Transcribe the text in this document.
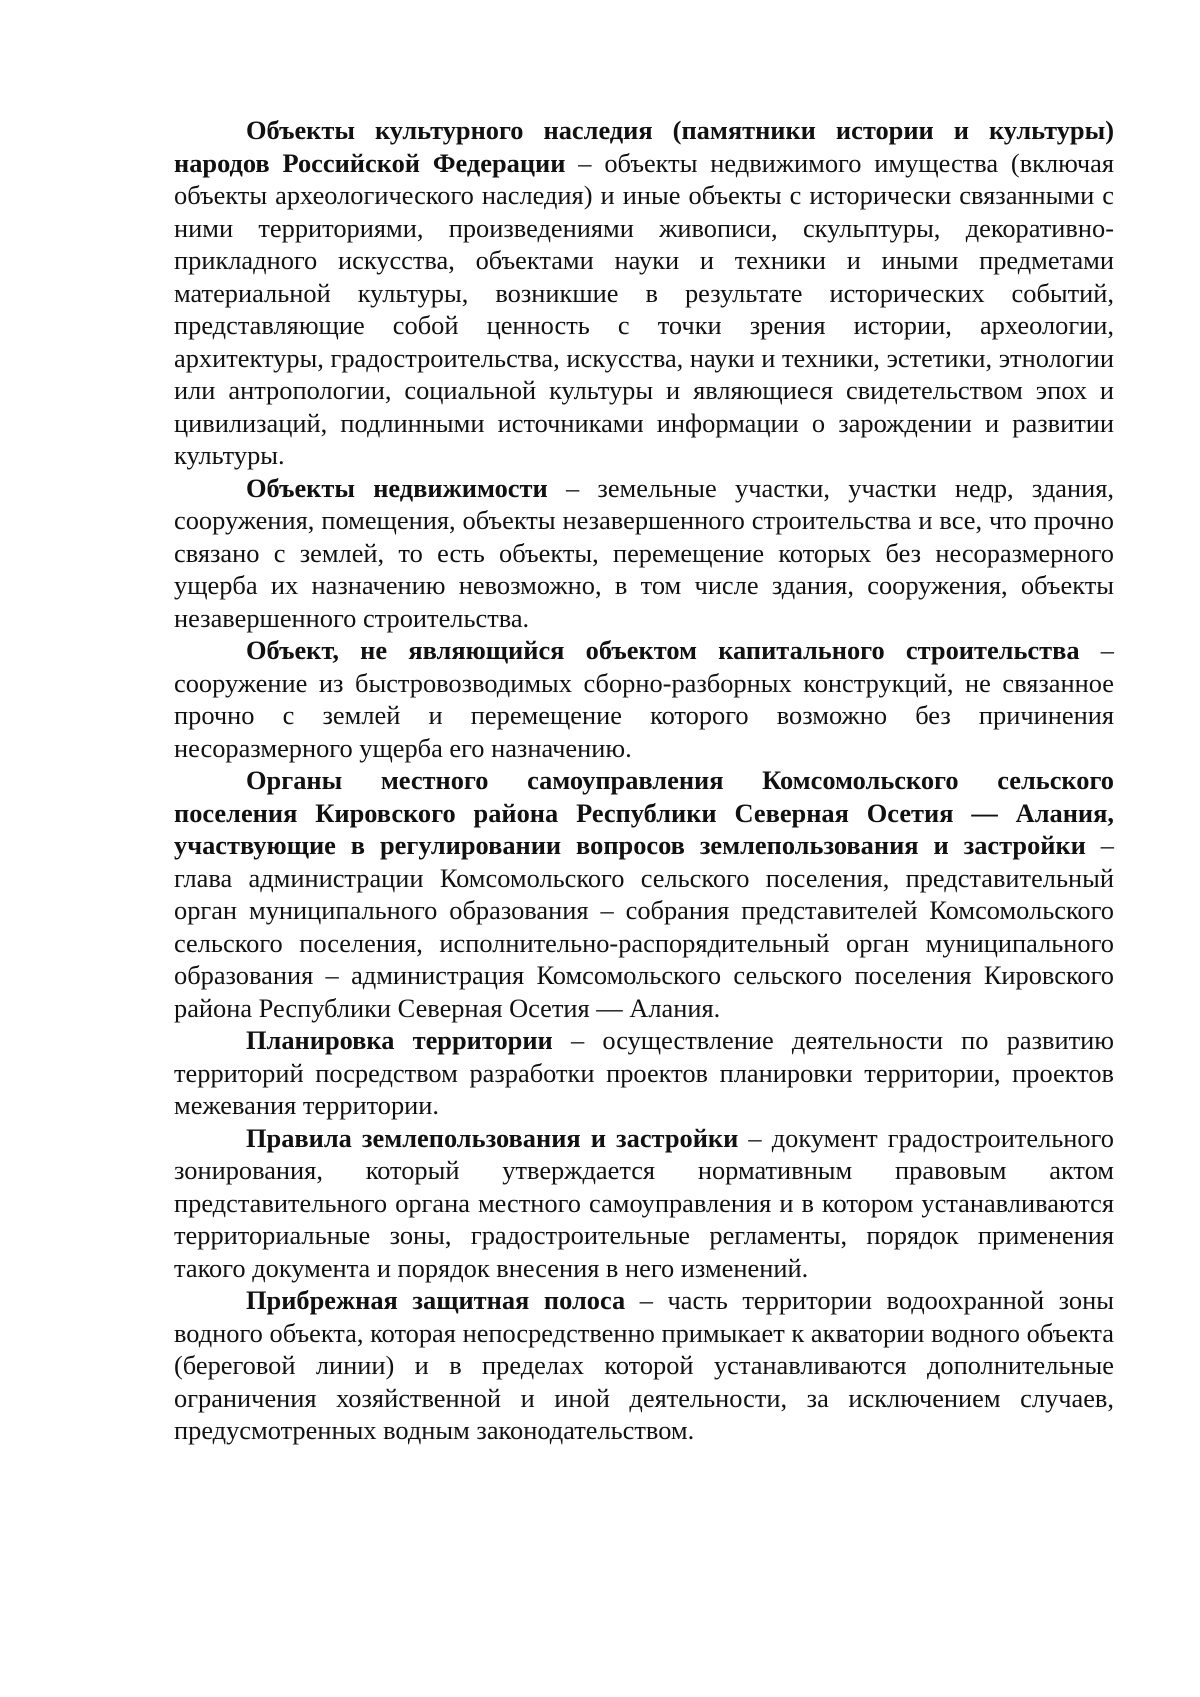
Объекты культурного наследия (памятники истории и культуры) народов Российской Федерации – объекты недвижимого имущества (включая объекты археологического наследия) и иные объекты с исторически связанными с ними территориями, произведениями живописи, скульптуры, декоративно-прикладного искусства, объектами науки и техники и иными предметами материальной культуры, возникшие в результате исторических событий, представляющие собой ценность с точки зрения истории, археологии, архитектуры, градостроительства, искусства, науки и техники, эстетики, этнологии или антропологии, социальной культуры и являющиеся свидетельством эпох и цивилизаций, подлинными источниками информации о зарождении и развитии культуры.

Объекты недвижимости – земельные участки, участки недр, здания, сооружения, помещения, объекты незавершенного строительства и все, что прочно связано с землей, то есть объекты, перемещение которых без несоразмерного ущерба их назначению невозможно, в том числе здания, сооружения, объекты незавершенного строительства.

Объект, не являющийся объектом капитального строительства – сооружение из быстровозводимых сборно-разборных конструкций, не связанное прочно с землей и перемещение которого возможно без причинения несоразмерного ущерба его назначению.

Органы местного самоуправления Комсомольского сельского поселения Кировского района Республики Северная Осетия — Алания, участвующие в регулировании вопросов землепользования и застройки – глава администрации Комсомольского сельского поселения, представительный орган муниципального образования – собрания представителей Комсомольского сельского поселения, исполнительно-распорядительный орган муниципального образования – администрация Комсомольского сельского поселения Кировского района Республики Северная Осетия — Алания.

Планировка территории – осуществление деятельности по развитию территорий посредством разработки проектов планировки территории, проектов межевания территории.

Правила землепользования и застройки – документ градостроительного зонирования, который утверждается нормативным правовым актом представительного органа местного самоуправления и в котором устанавливаются территориальные зоны, градостроительные регламенты, порядок применения такого документа и порядок внесения в него изменений.

Прибрежная защитная полоса – часть территории водоохранной зоны водного объекта, которая непосредственно примыкает к акватории водного объекта (береговой линии) и в пределах которой устанавливаются дополнительные ограничения хозяйственной и иной деятельности, за исключением случаев, предусмотренных водным законодательством.
